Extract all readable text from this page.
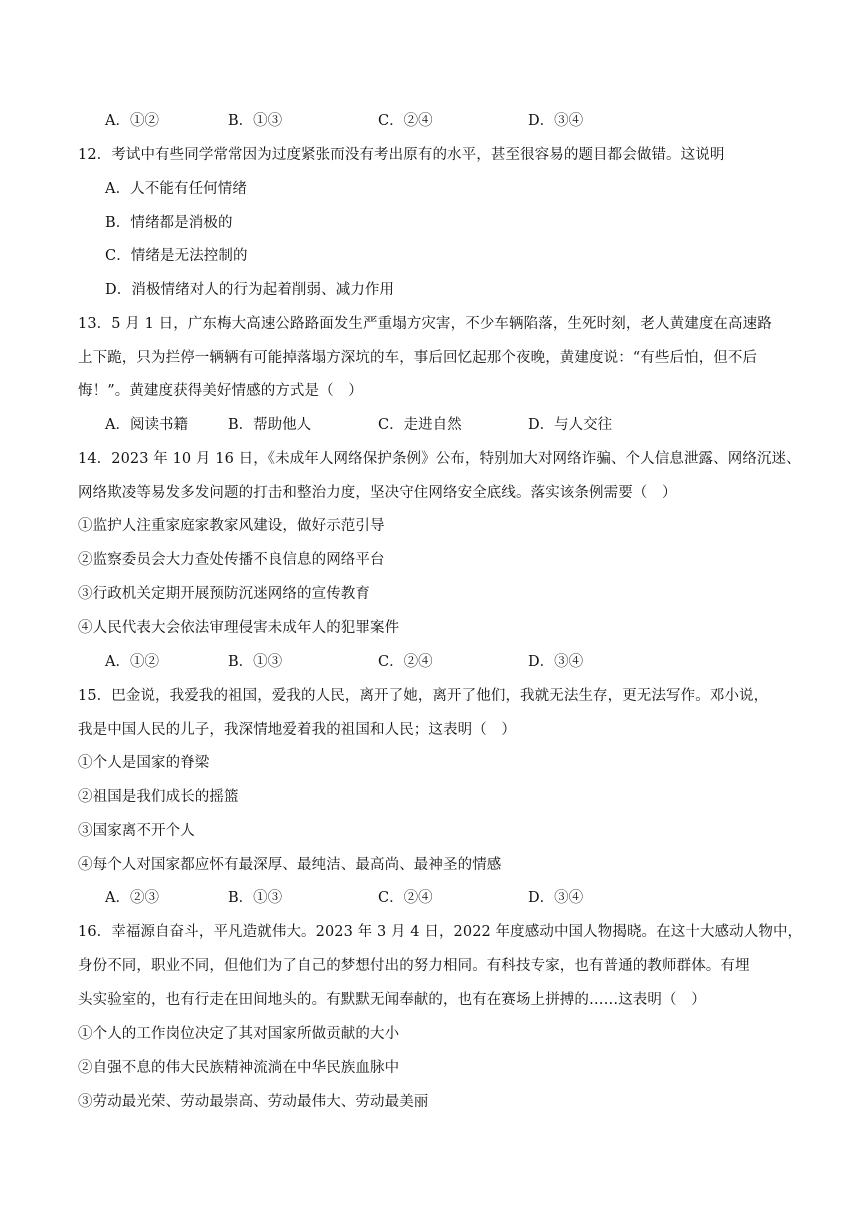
A．①②	B．①③	C．②④	D．③④
12．考试中有些同学常常因为过度紧张而没有考出原有的水平，甚至很容易的题目都会做错。这说明
A．人不能有任何情绪
B．情绪都是消极的
C．情绪是无法控制的
D．消极情绪对人的行为起着削弱、减力作用
13．5 月 1 日，广东梅大高速公路路面发生严重塌方灾害，不少车辆陷落，生死时刻，老人黄建度在高速路
上下跪，只为拦停一辆辆有可能掉落塌方深坑的车，事后回忆起那个夜晚，黄建度说：“有些后怕，但不后
悔！”。黄建度获得美好情感的方式是（　）
A．阅读书籍	B．帮助他人	C．走进自然	D．与人交往
14．2023 年 10 月 16 日，《未成年人网络保护条例》公布，特别加大对网络诈骗、个人信息泄露、网络沉迷、
网络欺凌等易发多发问题的打击和整治力度，坚决守住网络安全底线。落实该条例需要（　）
①监护人注重家庭家教家风建设，做好示范引导
②监察委员会大力查处传播不良信息的网络平台
③行政机关定期开展预防沉迷网络的宣传教育
④人民代表大会依法审理侵害未成年人的犯罪案件
A．①②	B．①③	C．②④	D．③④
15．巴金说，我爱我的祖国，爱我的人民，离开了她，离开了他们，我就无法生存，更无法写作。邓小说，
我是中国人民的儿子，我深情地爱着我的祖国和人民；这表明（　）
①个人是国家的脊梁
②祖国是我们成长的摇篮
③国家离不开个人
④每个人对国家都应怀有最深厚、最纯洁、最高尚、最神圣的情感
A．②③	B．①③	C．②④	D．③④
16．幸福源自奋斗，平凡造就伟大。2023 年 3 月 4 日，2022 年度感动中国人物揭晓。在这十大感动人物中，
身份不同，职业不同，但他们为了自己的梦想付出的努力相同。有科技专家，也有普通的教师群体。有埋
头实验室的，也有行走在田间地头的。有默默无闻奉献的，也有在赛场上拼搏的……这表明（　）
①个人的工作岗位决定了其对国家所做贡献的大小
②自强不息的伟大民族精神流淌在中华民族血脉中
③劳动最光荣、劳动最崇高、劳动最伟大、劳动最美丽
